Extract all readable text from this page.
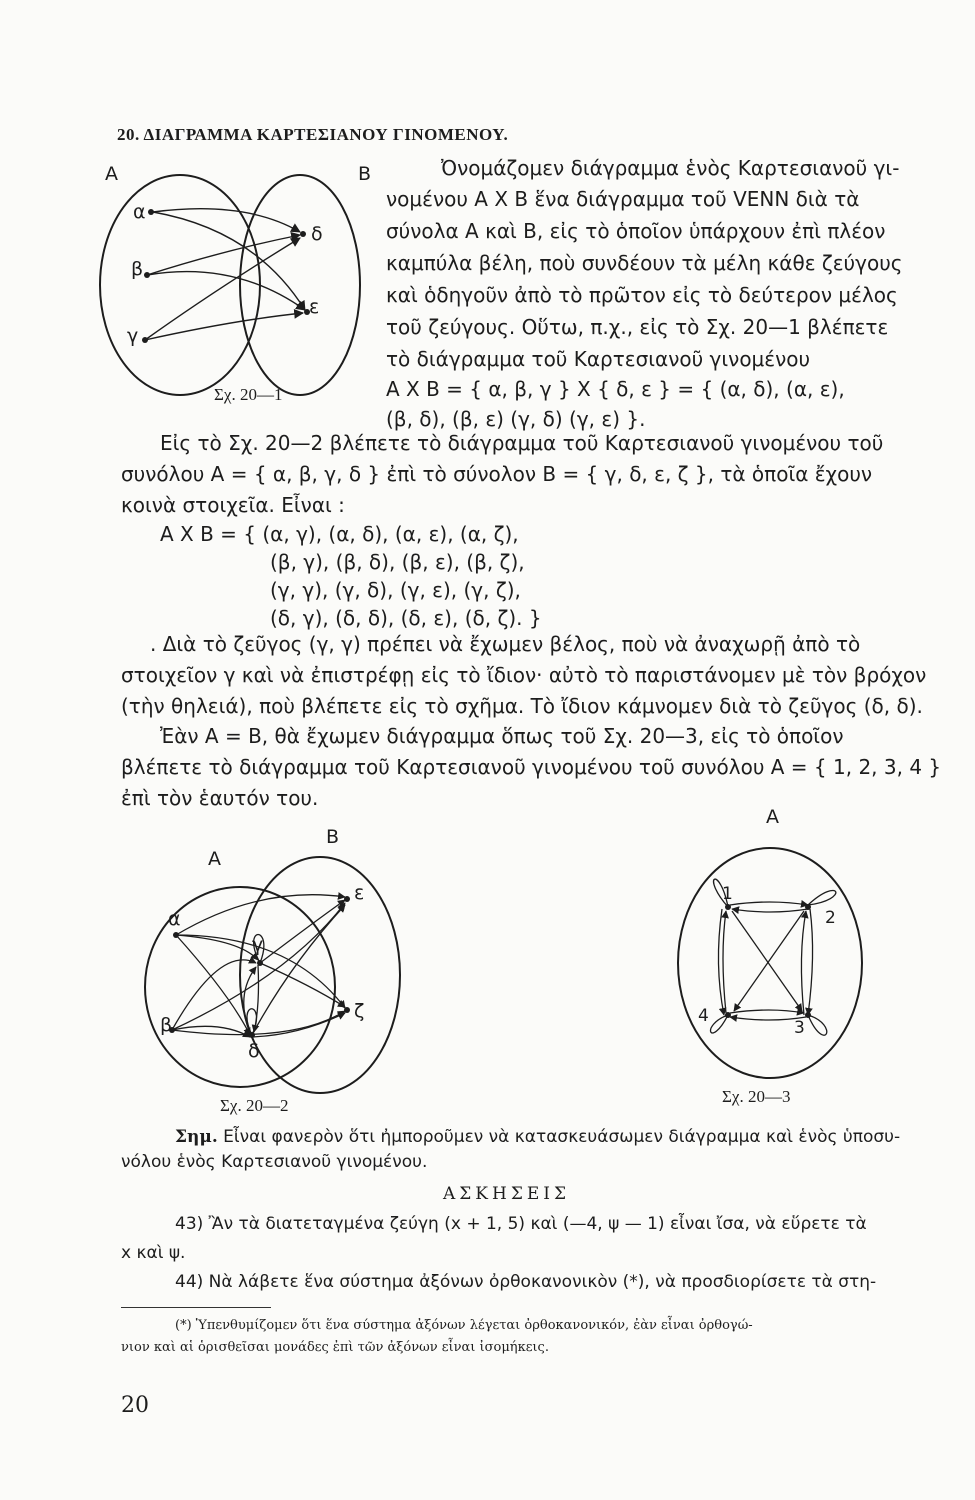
20. ΔΙΑΓΡΑΜΜΑ ΚΑΡΤΕΣΙΑΝΟΥ ΓΙΝΟΜΕΝΟΥ.
A	B
α
β
γ
δ
ε
Σχ. 20—1
Ὀνομάζομεν διάγραμμα ἑνὸς Καρτεσιανοῦ γι-
νομένου A X B ἕνα διάγραμμα τοῦ VENN διὰ τὰ
σύνολα A καὶ B, εἰς τὸ ὁποῖον ὑπάρχουν ἐπὶ πλέον
καμπύλα βέλη, ποὺ συνδέουν τὰ μέλη κάθε ζεύγους
καὶ ὁδηγοῦν ἀπὸ τὸ πρῶτον εἰς τὸ δεύτερον μέλος
τοῦ ζεύγους. Οὕτω, π.χ., εἰς τὸ Σχ. 20—1 βλέπετε
τὸ διάγραμμα τοῦ Καρτεσιανοῦ γινομένου
A X B = { α, β, γ } X { δ, ε } = { (α, δ), (α, ε),
(β, δ), (β, ε) (γ, δ) (γ, ε) }.
Εἰς τὸ Σχ. 20—2 βλέπετε τὸ διάγραμμα τοῦ Καρτεσιανοῦ γινομένου τοῦ
συνόλου A = { α, β, γ, δ } ἐπὶ τὸ σύνολον B = { γ, δ, ε, ζ }, τὰ ὁποῖα ἔχουν
κοινὰ στοιχεῖα. Εἶναι :
A X B = { (α, γ), (α, δ), (α, ε), (α, ζ),
(β, γ), (β, δ), (β, ε), (β, ζ),
(γ, γ), (γ, δ), (γ, ε), (γ, ζ),
(δ, γ), (δ, δ), (δ, ε), (δ, ζ). }
. Διὰ τὸ ζεῦγος (γ, γ) πρέπει νὰ ἔχωμεν βέλος, ποὺ νὰ ἀναχωρῇ ἀπὸ τὸ
στοιχεῖον γ καὶ νὰ ἐπιστρέφῃ εἰς τὸ ἴδιον· αὐτὸ τὸ παριστάνομεν μὲ τὸν βρόχον
(τὴν θηλειά), ποὺ βλέπετε εἰς τὸ σχῆμα. Τὸ ἴδιον κάμνομεν διὰ τὸ ζεῦγος (δ, δ).
Ἐὰν A = B, θὰ ἔχωμεν διάγραμμα ὅπως τοῦ Σχ. 20—3, εἰς τὸ ὁποῖον
βλέπετε τὸ διάγραμμα τοῦ Καρτεσιανοῦ γινομένου τοῦ συνόλου A = { 1, 2, 3, 4 }
ἐπὶ τὸν ἑαυτόν του.
A
B
α
β
γ
δ
ε
ζ
Σχ. 20—2
A
1
2
3
4
Σχ. 20—3
Σημ. Εἶναι φανερὸν ὅτι ἠμποροῦμεν νὰ κατασκευάσωμεν διάγραμμα καὶ ἑνὸς ὑποσυ-
νόλου ἑνὸς Καρτεσιανοῦ γινομένου.
ΑΣΚΗΣΕΙΣ
43) Ἂν τὰ διατεταγμένα ζεύγη (x + 1, 5) καὶ (—4, ψ — 1) εἶναι ἴσα, νὰ εὕρετε τὰ
x καὶ ψ.
44) Νὰ λάβετε ἕνα σύστημα ἀξόνων ὀρθοκανονικὸν (*), νὰ προσδιορίσετε τὰ στη-
(*) Ὑπενθυμίζομεν ὅτι ἕνα σύστημα ἀξόνων λέγεται ὀρθοκανονικόν, ἐὰν εἶναι ὀρθογώ-
νιον καὶ αἱ ὁρισθεῖσαι μονάδες ἐπὶ τῶν ἀξόνων εἶναι ἰσομήκεις.
20
